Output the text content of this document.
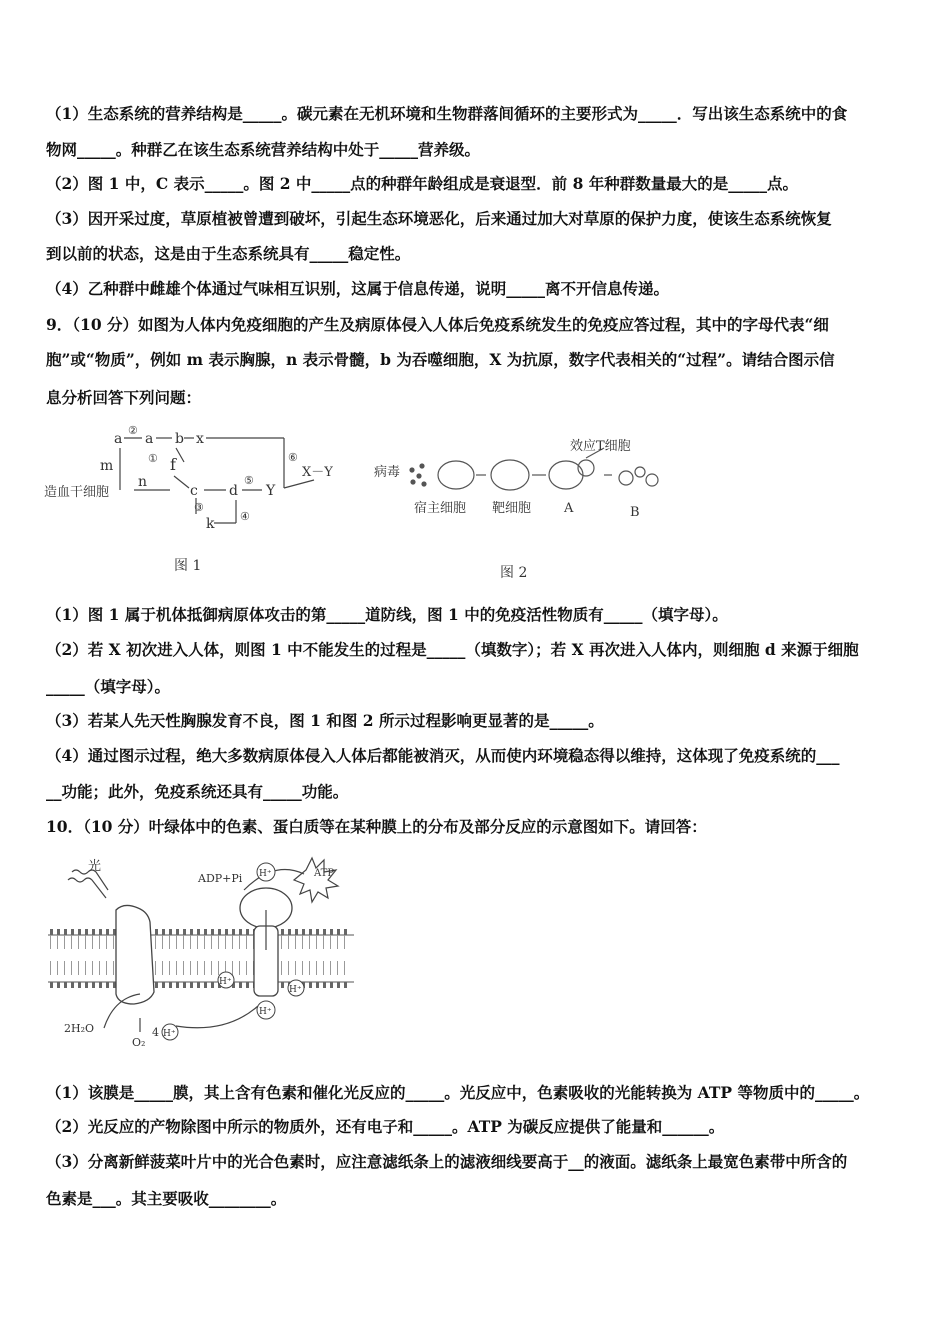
（1）生态系统的营养结构是_____。碳元素在无机环境和生物群落间循环的主要形式为_____．写出该生态系统中的食
物网_____。种群乙在该生态系统营养结构中处于_____营养级。
（2）图 1 中，C 表示_____。图 2 中_____点的种群年龄组成是衰退型．前 8 年种群数量最大的是_____点。
（3）因开采过度，草原植被曾遭到破坏，引起生态环境恶化，后来通过加大对草原的保护力度，使该生态系统恢复
到以前的状态，这是由于生态系统具有_____稳定性。
（4）乙种群中雌雄个体通过气味相互识别，这属于信息传递，说明_____离不开信息传递。
9．（10 分）如图为人体内免疫细胞的产生及病原体侵入人体后免疫系统发生的免疫应答过程，其中的字母代表“细
胞”或“物质”，例如 m 表示胸腺，n 表示骨髓，b 为吞噬细胞，X 为抗原，数字代表相关的“过程”。请结合图示信
息分析回答下列问题：
造血干细胞
a a b x
m
n
c d
f
k
Y
X－Y
②
①
③
④
⑤
⑥
图 1
病毒
效应T细胞
宿主细胞 靶细胞	A	B
图 2
（1）图 1 属于机体抵御病原体攻击的第_____道防线，图 1 中的免疫活性物质有_____（填字母）。
（2）若 X 初次进入人体，则图 1 中不能发生的过程是_____（填数字）；若 X 再次进入人体内，则细胞 d 来源于细胞
_____（填字母）。
（3）若某人先天性胸腺发育不良，图 1 和图 2 所示过程影响更显著的是_____。
（4）通过图示过程，绝大多数病原体侵入人体后都能被消灭，从而使内环境稳态得以维持，这体现了免疫系统的___
__功能；此外，免疫系统还具有_____功能。
10．（10 分）叶绿体中的色素、蛋白质等在某种膜上的分布及部分反应的示意图如下。请回答：
光
ADP+Pi	ATP
H⁺
H⁺
H⁺
H⁺
H⁺
2H₂O
O₂
4
（1）该膜是_____膜，其上含有色素和催化光反应的_____。光反应中，色素吸收的光能转换为 ATP 等物质中的_____。
（2）光反应的产物除图中所示的物质外，还有电子和_____。ATP 为碳反应提供了能量和______。
（3）分离新鲜菠菜叶片中的光合色素时，应注意滤纸条上的滤液细线要高于__的液面。滤纸条上最宽色素带中所含的
色素是___。其主要吸收________。
